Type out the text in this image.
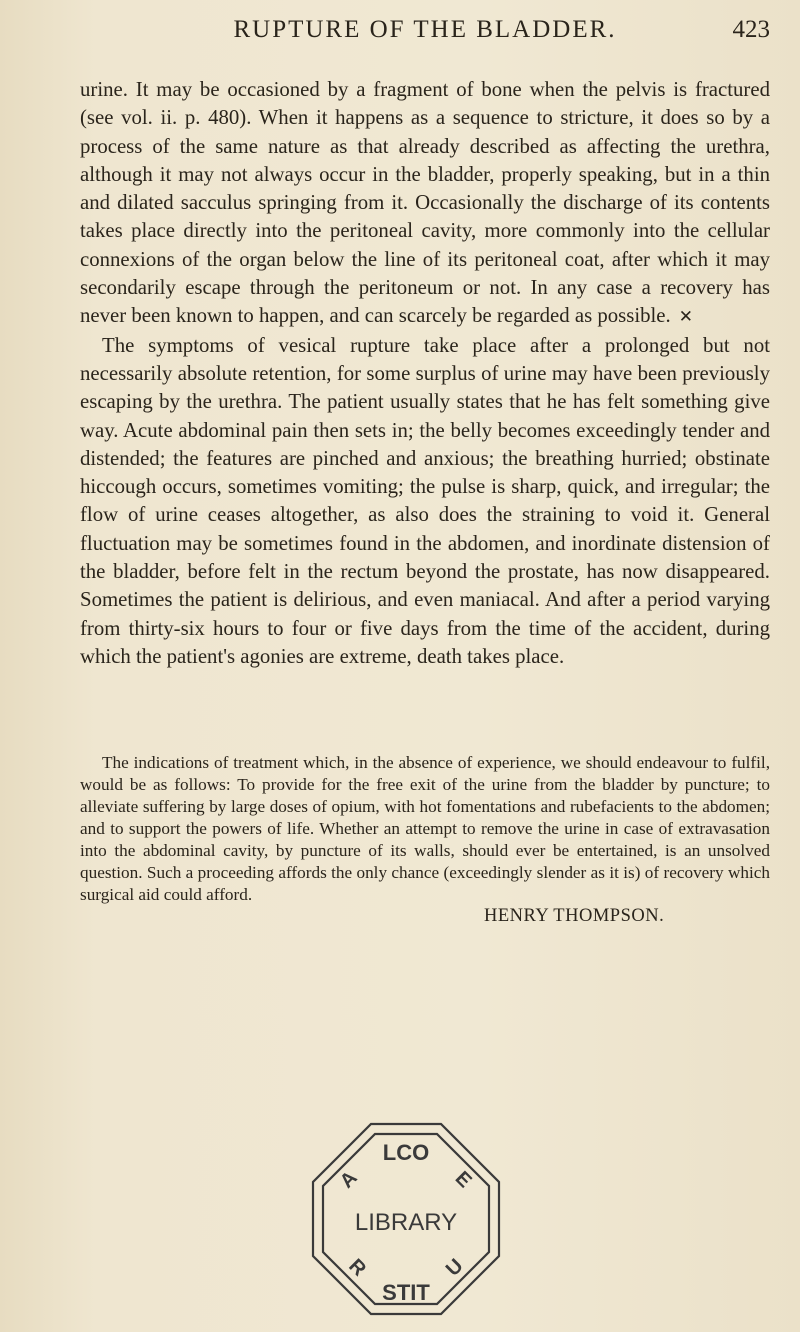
RUPTURE OF THE BLADDER.	423

urine. It may be occasioned by a fragment of bone when the pelvis is fractured (see vol. ii. p. 480). When it happens as a sequence to stricture, it does so by a process of the same nature as that already described as affecting the urethra, although it may not always occur in the bladder, properly speaking, but in a thin and dilated sacculus springing from it. Occasionally the discharge of its contents takes place directly into the peritoneal cavity, more commonly into the cellular connexions of the organ below the line of its peritoneal coat, after which it may secondarily escape through the peritoneum or not. In any case a recovery has never been known to happen, and can scarcely be regarded as possible. ✕

The symptoms of vesical rupture take place after a prolonged but not necessarily absolute retention, for some surplus of urine may have been previously escaping by the urethra. The patient usually states that he has felt something give way. Acute abdominal pain then sets in; the belly becomes exceedingly tender and distended; the features are pinched and anxious; the breathing hurried; obstinate hiccough occurs, sometimes vomiting; the pulse is sharp, quick, and irregular; the flow of urine ceases altogether, as also does the straining to void it. General fluctuation may be sometimes found in the abdomen, and inordinate distension of the bladder, before felt in the rectum beyond the prostate, has now disappeared. Sometimes the patient is delirious, and even maniacal. And after a period varying from thirty-six hours to four or five days from the time of the accident, during which the patient's agonies are extreme, death takes place.

The indications of treatment which, in the absence of experience, we should endeavour to fulfil, would be as follows: To provide for the free exit of the urine from the bladder by puncture; to alleviate suffering by large doses of opium, with hot fomentations and rubefacients to the abdomen; and to support the powers of life. Whether an attempt to remove the urine in case of extravasation into the abdominal cavity, by puncture of its walls, should ever be entertained, is an unsolved question. Such a proceeding affords the only chance (exceedingly slender as it is) of recovery which surgical aid could afford.

HENRY THOMPSON.
LCO
LIBRARY
STIT
A	E
R	U
